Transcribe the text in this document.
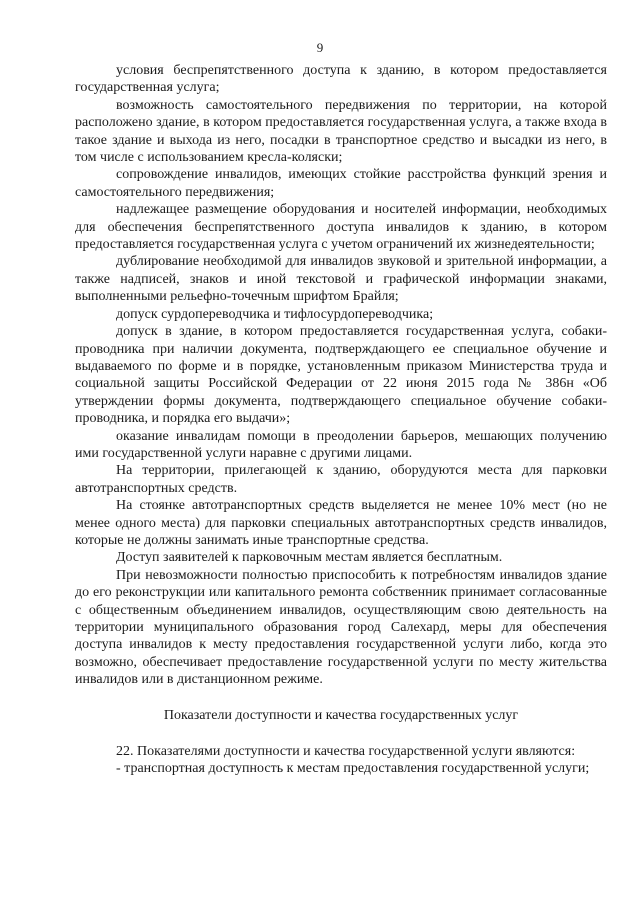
9

условия беспрепятственного доступа к зданию, в котором предоставляется государственная услуга;

возможность самостоятельного передвижения по территории, на которой расположено здание, в котором предоставляется государственная услуга, а также входа в такое здание и выхода из него, посадки в транспортное средство и высадки из него, в том числе с использованием кресла-коляски;

сопровождение инвалидов, имеющих стойкие расстройства функций зрения и самостоятельного передвижения;

надлежащее размещение оборудования и носителей информации, необходимых для обеспечения беспрепятственного доступа инвалидов к зданию, в котором предоставляется государственная услуга с учетом ограничений их жизнедеятельности;

дублирование необходимой для инвалидов звуковой и зрительной информации, а также надписей, знаков и иной текстовой и графической информации знаками, выполненными рельефно-точечным шрифтом Брайля;

допуск сурдопереводчика и тифлосурдопереводчика;

допуск в здание, в котором предоставляется государственная услуга, собаки-проводника при наличии документа, подтверждающего ее специальное обучение и выдаваемого по форме и в порядке, установленным приказом Министерства труда и социальной защиты Российской Федерации от 22 июня 2015 года № 386н «Об утверждении формы документа, подтверждающего специальное обучение собаки-проводника, и порядка его выдачи»;

оказание инвалидам помощи в преодолении барьеров, мешающих получению ими государственной услуги наравне с другими лицами.

На территории, прилегающей к зданию, оборудуются места для парковки автотранспортных средств.

На стоянке автотранспортных средств выделяется не менее 10% мест (но не менее одного места) для парковки специальных автотранспортных средств инвалидов, которые не должны занимать иные транспортные средства.

Доступ заявителей к парковочным местам является бесплатным.

При невозможности полностью приспособить к потребностям инвалидов здание до его реконструкции или капитального ремонта собственник принимает согласованные с общественным объединением инвалидов, осуществляющим свою деятельность на территории муниципального образования город Салехард, меры для обеспечения доступа инвалидов к месту предоставления государственной услуги либо, когда это возможно, обеспечивает предоставление государственной услуги по месту жительства инвалидов или в дистанционном режиме.

Показатели доступности и качества государственных услуг

22. Показателями доступности и качества государственной услуги являются:

- транспортная доступность к местам предоставления государственной услуги;
